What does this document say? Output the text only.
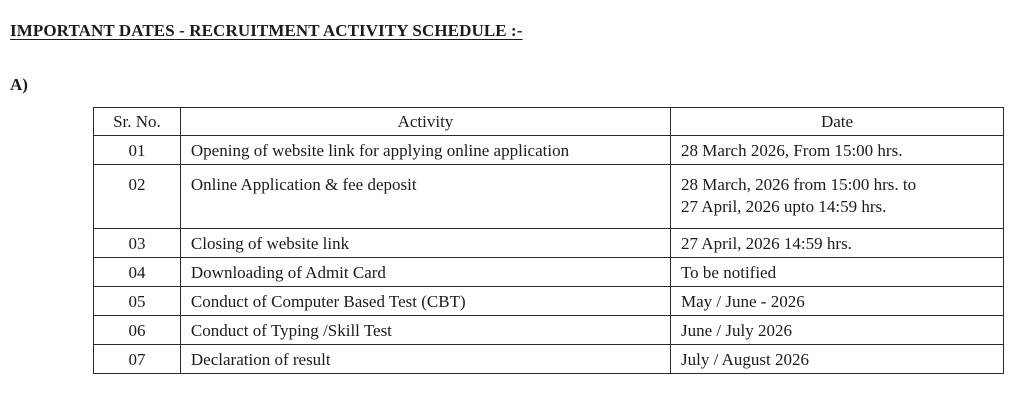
IMPORTANT DATES - RECRUITMENT ACTIVITY SCHEDULE :-
A)
Sr. No.	Activity	Date
01	Opening of website link for applying online application	28 March 2026, From 15:00 hrs.

02	Online Application & fee deposit	28 March, 2026 from 15:00 hrs. to
27 April, 2026 upto 14:59 hrs.

03	Closing of website link	27 April, 2026 14:59 hrs.

04	Downloading of Admit Card	To be notified

05	Conduct of Computer Based Test (CBT)	May / June - 2026

06	Conduct of Typing /Skill Test	June / July 2026

07	Declaration of result	July / August 2026
